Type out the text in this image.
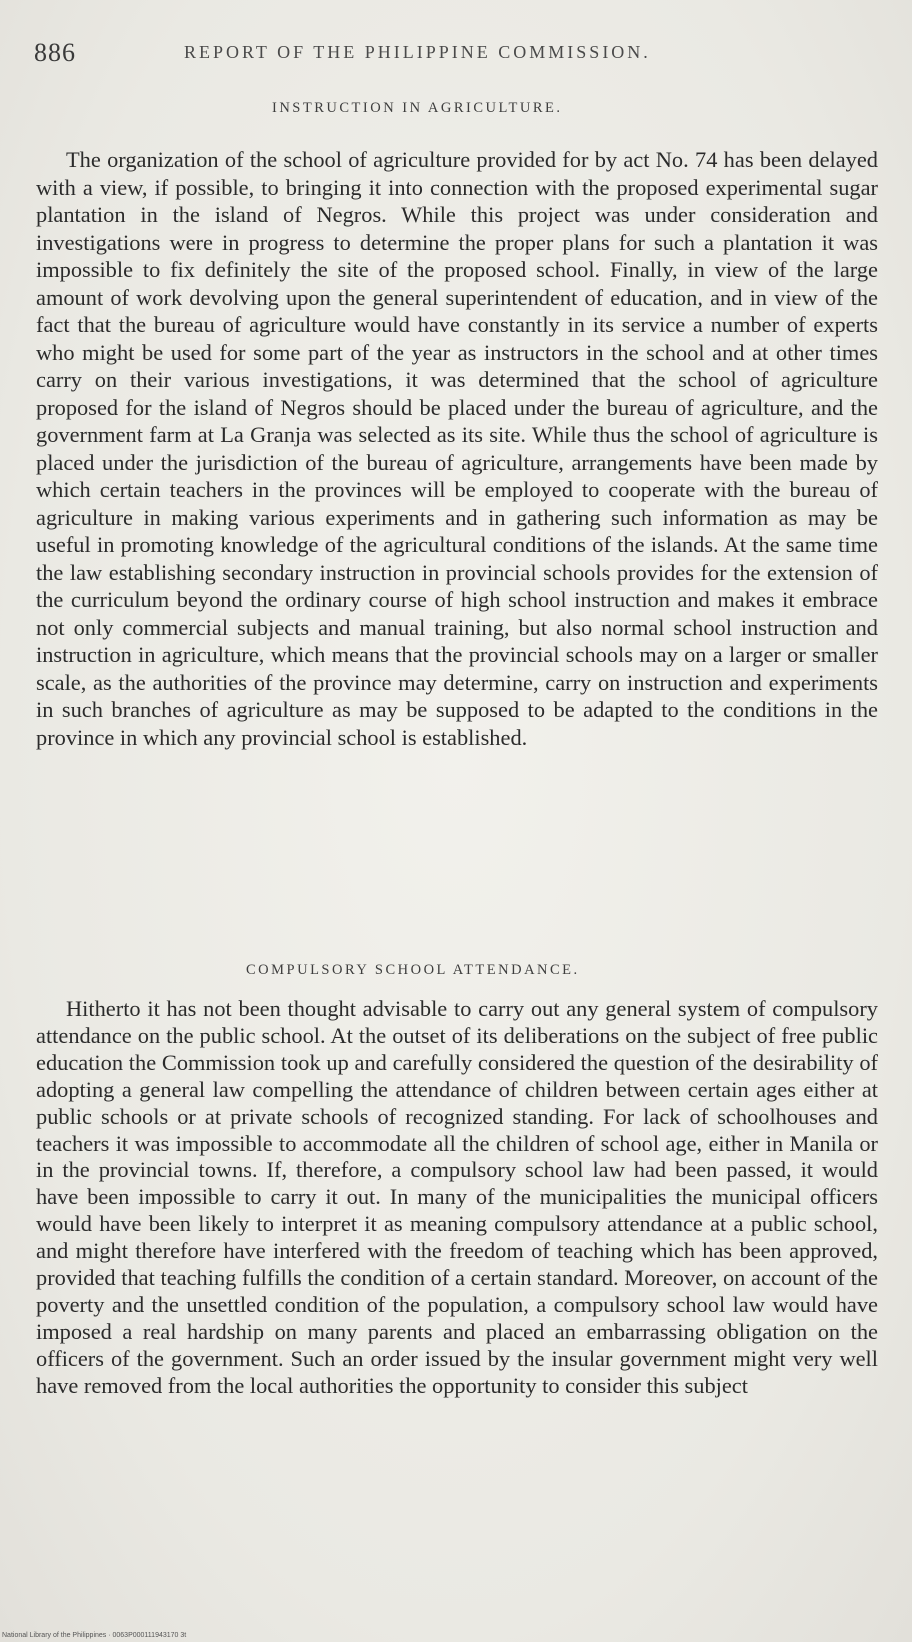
886	REPORT OF THE PHILIPPINE COMMISSION.
INSTRUCTION IN AGRICULTURE.

The organization of the school of agriculture provided for by act No. 74 has been delayed with a view, if possible, to bringing it into connection with the proposed experimental sugar plantation in the island of Negros. While this project was under consideration and investigations were in progress to determine the proper plans for such a plantation it was impossible to fix definitely the site of the proposed school. Finally, in view of the large amount of work devolving upon the general superintendent of education, and in view of the fact that the bureau of agriculture would have constantly in its service a number of experts who might be used for some part of the year as instructors in the school and at other times carry on their various investigations, it was determined that the school of agriculture proposed for the island of Negros should be placed under the bureau of agriculture, and the government farm at La Granja was selected as its site. While thus the school of agriculture is placed under the jurisdiction of the bureau of agriculture, arrangements have been made by which certain teachers in the provinces will be employed to cooperate with the bureau of agriculture in making various experiments and in gathering such information as may be useful in promoting knowledge of the agricultural conditions of the islands. At the same time the law establishing secondary instruction in provincial schools provides for the extension of the curriculum beyond the ordinary course of high school instruction and makes it embrace not only commercial subjects and manual training, but also normal school instruction and instruction in agriculture, which means that the provincial schools may on a larger or smaller scale, as the authorities of the province may determine, carry on instruction and experiments in such branches of agriculture as may be supposed to be adapted to the conditions in the province in which any provincial school is established.

COMPULSORY SCHOOL ATTENDANCE.

Hitherto it has not been thought advisable to carry out any general system of compulsory attendance on the public school. At the outset of its deliberations on the subject of free public education the Commission took up and carefully considered the question of the desirability of adopting a general law compelling the attendance of children between certain ages either at public schools or at private schools of recognized standing. For lack of schoolhouses and teachers it was impossible to accommodate all the children of school age, either in Manila or in the provincial towns. If, therefore, a compulsory school law had been passed, it would have been impossible to carry it out. In many of the municipalities the municipal officers would have been likely to interpret it as meaning compulsory attendance at a public school, and might therefore have interfered with the freedom of teaching which has been approved, provided that teaching fulfills the condition of a certain standard. Moreover, on account of the poverty and the unsettled condition of the population, a compulsory school law would have imposed a real hardship on many parents and placed an embarrassing obligation on the officers of the government. Such an order issued by the insular government might very well have removed from the local authorities the opportunity to consider this subject

National Library of the Philippines · 0063P000111943170 3t
